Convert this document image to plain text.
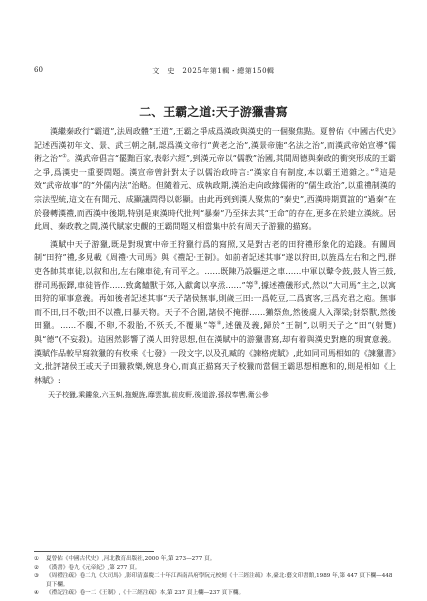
60	文　史　2025年第1輯・總第150輯
二、王霸之道:天子游獵書寫

漢繼秦政行“霸道”,法周政體“王道”,王霸之爭成爲漢政與漢史的一個聚焦點。夏曾佑《中國古代史》記述西漢初年文、景、武三朝之制,認爲漢文帝行“黄老之治”,漢景帝施“名法之治”,而漢武帝始宣導“儒術之治”①。漢武帝倡言“罷黜百家,表彰六經”,到漢元帝以“儒教”治國,其間周德與秦政的衝突形成的王霸之爭,爲漢史一重要問題。漢宣帝曾針對太子以儒治政時言:“漢家自有制度,本以霸王道雜之。”②這是效“武帝故事”的“外儒内法”治略。但隨着元、成執政期,漢治走向政緣儒術的“儒生政治”,以重禮制漢的宗法型統,這文在有聞元、成顯議問得以彰顯。由此再到到漢人聚焦的“秦史”,西漢時期賈誼的“過秦”在於發轉漢禮,而西漢中後期,特别是東漢時代批判“暴秦”乃至抹去其“王命”的存在,更多在於建立漢統。居此周、秦政教之間,漢代賦家史觀的王霸問題又相當集中於有周天子游獵的描寫。

漢賦中天子游獵,既是對現實中帝王狩獵行爲的寫照,又是對古老的田狩禮形象化的追踐。有關周制“田狩”禮,多見載《周禮·大司馬》與《禮記·王制》。如前者記述其事“遂以狩田,以旌爲左右和之門,群吏各帥其車徒,以叙和出,左右陳車徒,有司平之。……既陳乃設驅逆之車……中軍以鼙令鼓,鼓人皆三鼓,群司馬振鐸,車徒皆作……致禽饁獸于郊,入獻禽以享烝……”等③,據述禮儀形式,然以“大司馬”主之,以寓田狩的軍事意義。再如後者記述其事“天子諸侯無事,則歲三田:一爲乾豆,二爲賓客,三爲充君之庖。無事而不田,曰不敬;田不以禮,曰暴天物。天子不合圍,諸侯不掩群……獺祭魚,然後虞人入澤梁;豺祭獸,然後田獵。……不麛,不卵,不殺胎,不殀夭,不覆巢”等④,述儀及義,歸於“王制”,以明天子之“田”(射覽)與“德”(不妄殺)。這困然影響了漢人田狩思想,但在漢賦中的游獵書寫,却有着與漢史對應的現實意義。漢賦作品較早寫敘獵的有枚乘《七發》一段文字,以及孔臧的《諫格虎賦》,此如同司馬相如的《諫獵書》文,批評諸侯王或天子田獵救樂,婉息身心,而真正描寫天子校獵而當個王霸思想相應和的,則是相如《上林賦》:

天子校獵,乘鏤象,六玉虯,拖蜺旌,靡雲旗,前皮軒,後道游,孫叔奉轡,衛公參
① 夏曾佑《中國古代史》,河北教育出版社,2000 年,第 273—277 頁。
② 《漢書》卷九《元帝紀》,第 277 頁。
③ 《周禮注疏》卷二九《大司馬》,影印清嘉慶二十年江西南昌府學阮元校刻《十三經注疏》本,臺北:藝文印書館,1989 年,第 447 頁下欄—448 頁下欄。
④ 《禮記注疏》卷一二《王制》,《十三經注疏》本,第 237 頁上欄—237 頁下欄。
